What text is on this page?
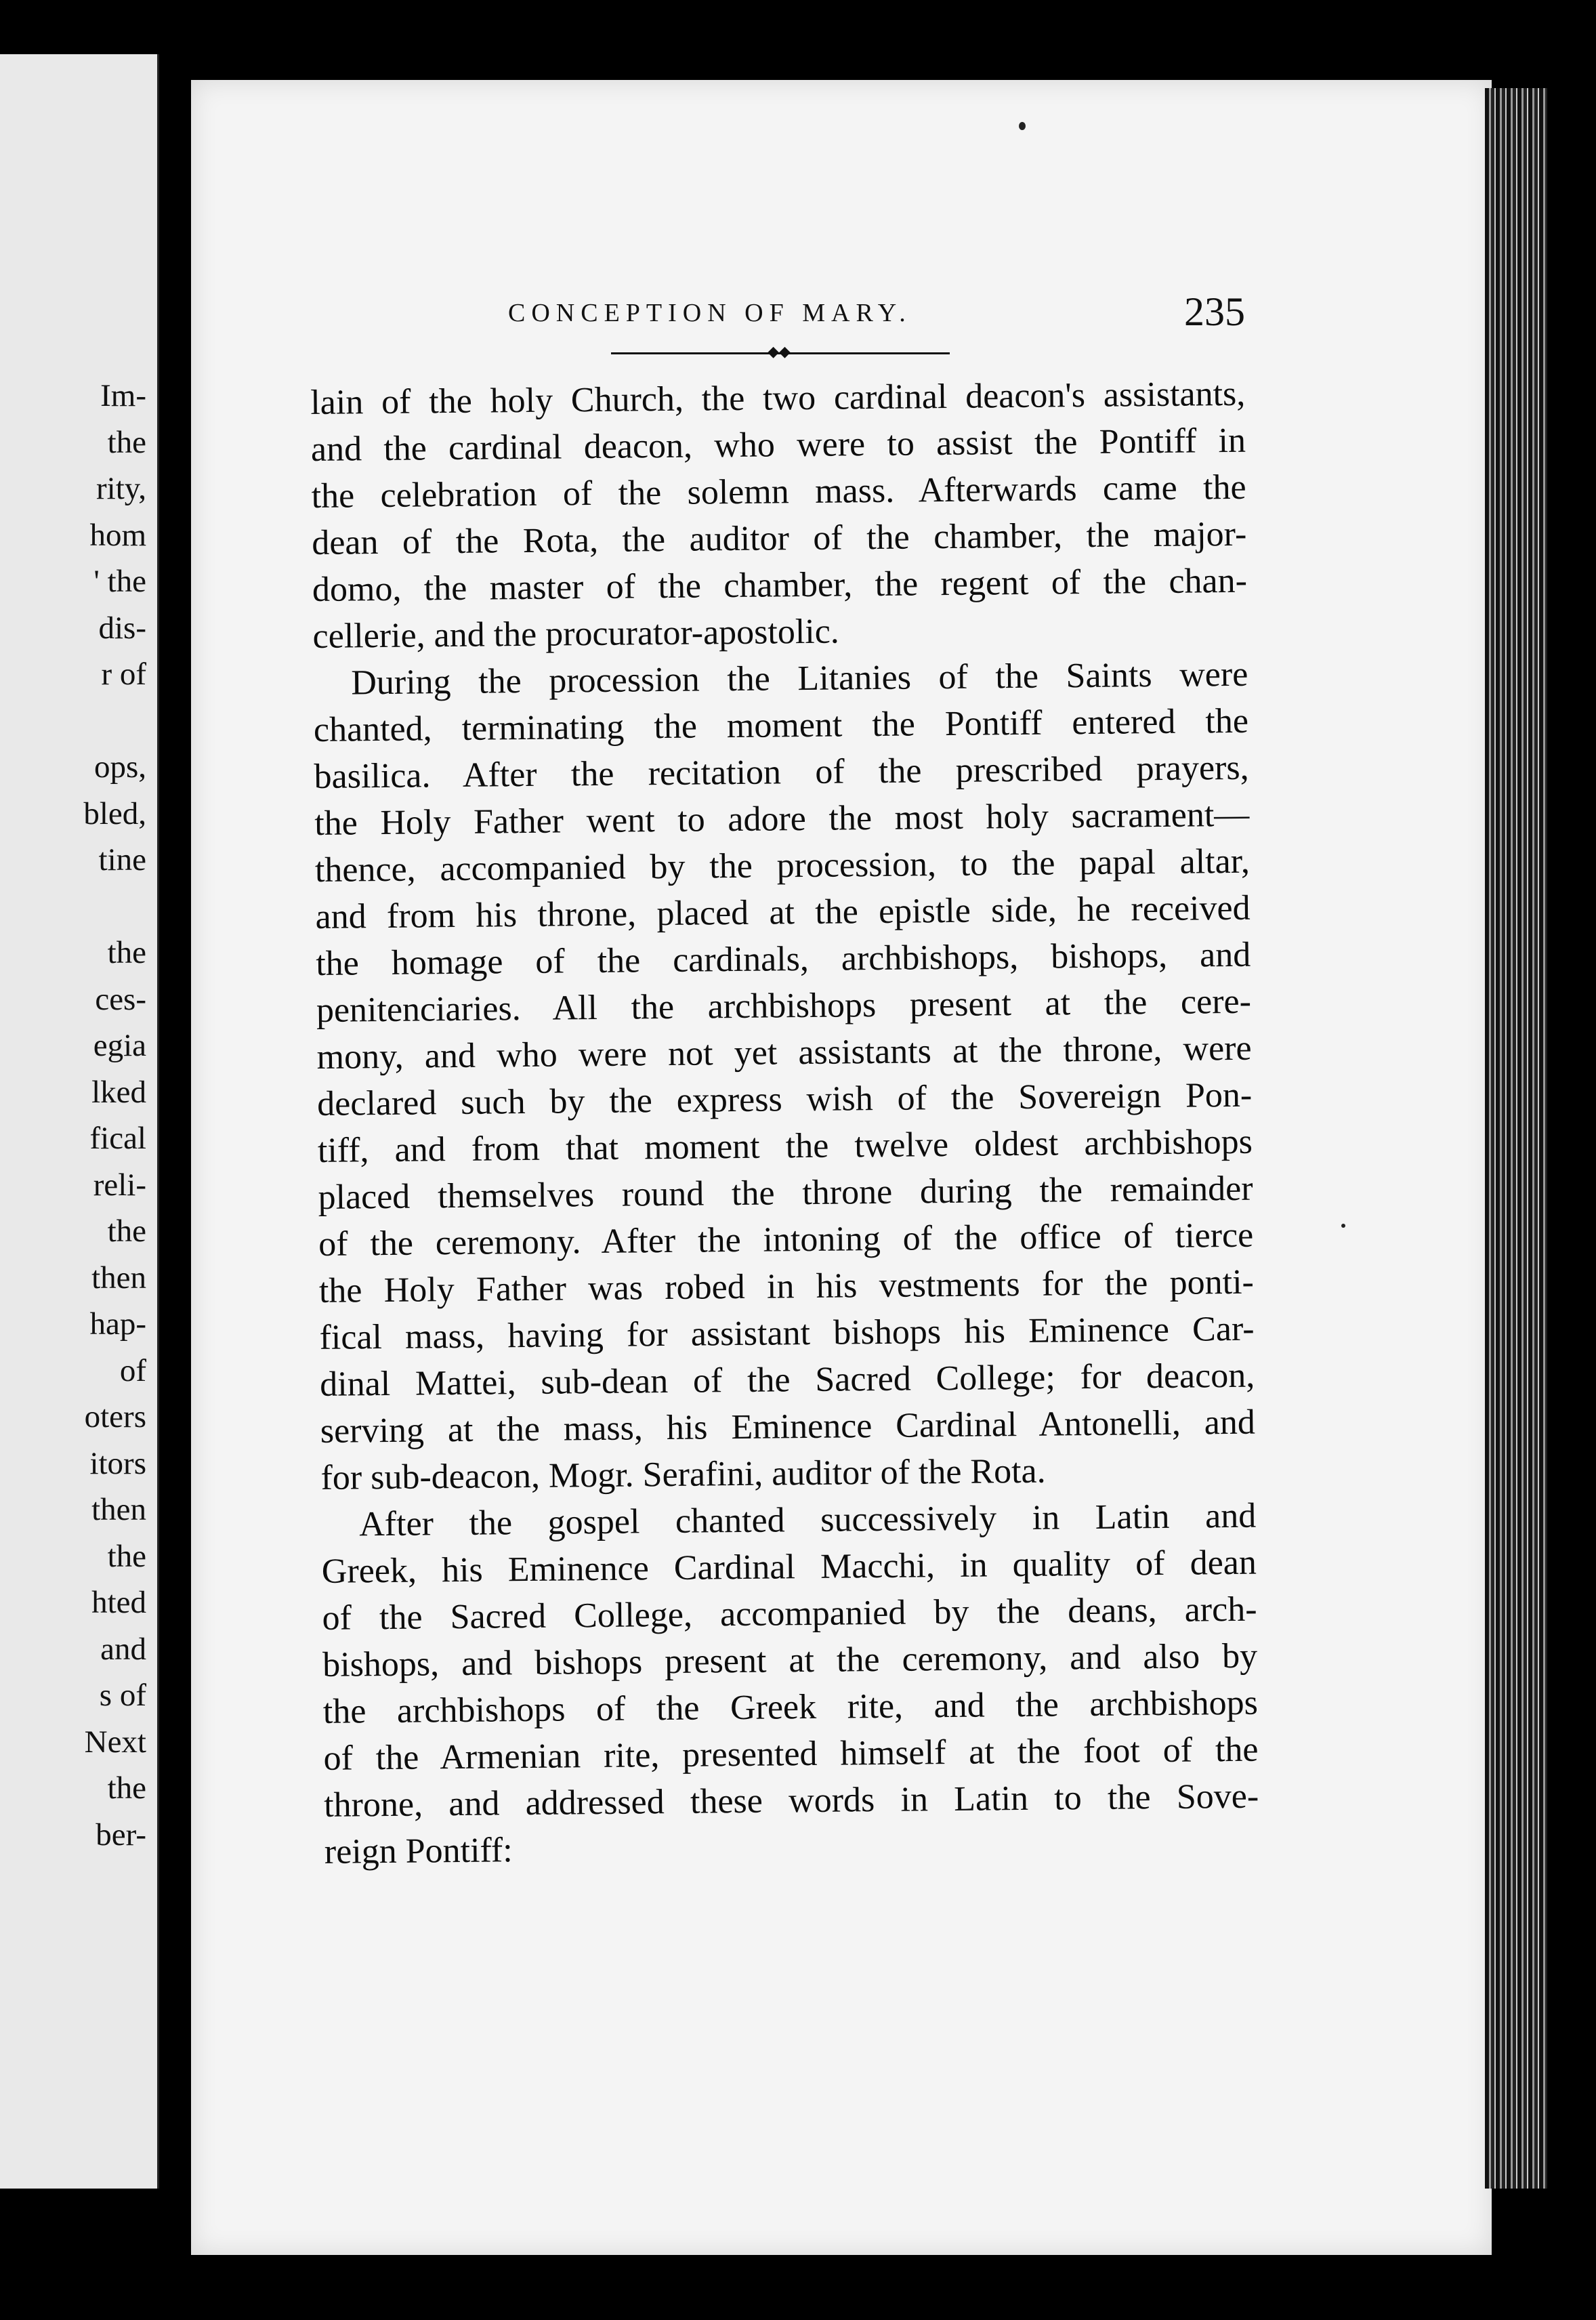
Im-
the
rity,
hom
' the
dis-
r of
ops,
bled,
tine
the
ces-
egia
lked
fical
reli-
the
then
hap-
of
oters
itors
then
the
hted
and
s of
Next
the
ber-
CONCEPTION OF MARY.	235
◆◆
lain of the holy Church, the two cardinal deacon's assistants,
and the cardinal deacon, who were to assist the Pontiff in
the celebration of the solemn mass. Afterwards came the
dean of the Rota, the auditor of the chamber, the major-
domo, the master of the chamber, the regent of the chan-
cellerie, and the procurator-apostolic.
During the procession the Litanies of the Saints were
chanted, terminating the moment the Pontiff entered the
basilica. After the recitation of the prescribed prayers,
the Holy Father went to adore the most holy sacrament—
thence, accompanied by the procession, to the papal altar,
and from his throne, placed at the epistle side, he received
the homage of the cardinals, archbishops, bishops, and
penitenciaries. All the archbishops present at the cere-
mony, and who were not yet assistants at the throne, were
declared such by the express wish of the Sovereign Pon-
tiff, and from that moment the twelve oldest archbishops
placed themselves round the throne during the remainder
of the ceremony. After the intoning of the office of tierce
the Holy Father was robed in his vestments for the ponti-
fical mass, having for assistant bishops his Eminence Car-
dinal Mattei, sub-dean of the Sacred College; for deacon,
serving at the mass, his Eminence Cardinal Antonelli, and
for sub-deacon, Mogr. Serafini, auditor of the Rota.
After the gospel chanted successively in Latin and
Greek, his Eminence Cardinal Macchi, in quality of dean
of the Sacred College, accompanied by the deans, arch-
bishops, and bishops present at the ceremony, and also by
the archbishops of the Greek rite, and the archbishops
of the Armenian rite, presented himself at the foot of the
throne, and addressed these words in Latin to the Sove-
reign Pontiff:
